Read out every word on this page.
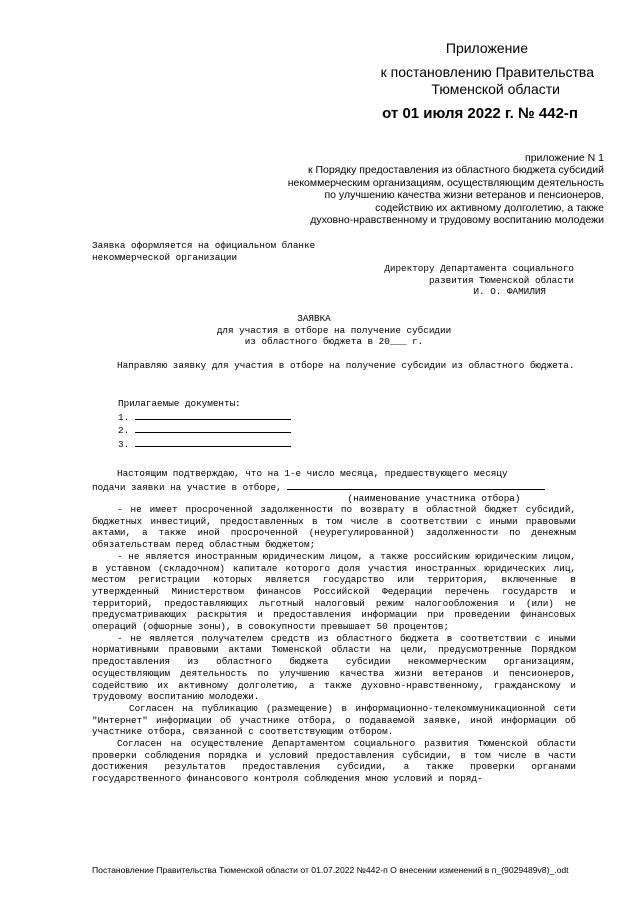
Приложение
к постановлению Правительства
Тюменской области
от 01 июля 2022 г. № 442-п
приложение N 1
к Порядку предоставления из областного бюджета субсидий
некоммерческим организациям, осуществляющим деятельность
по улучшению качества жизни ветеранов и пенсионеров,
содействию их активному долголетию, а также
духовно-нравственному и трудовому воспитанию молодежи
Заявка оформляется на официальном бланке
некоммерческой организации
Директору Департамента социального
развития Тюменской области
И. О. ФАМИЛИЯ
ЗАЯВКА
для участия в отборе на получение субсидии
из областного бюджета в 20___ г.
Направляю заявку для участия в отборе на получение субсидии из областного бюджета.
Прилагаемые документы:
1.
2.
3.
Настоящим подтверждаю, что на 1-е число месяца, предшествующего месяцу
подачи заявки на участие в отборе,
(наименование участника отбора)
- не имеет просроченной задолженности по возврату в областной бюджет субсидий, бюджетных инвестиций, предоставленных в том числе в соответствии с иными правовыми актами, а также иной просроченной (неурегулированной) задолженности по денежным обязательствам перед областным бюджетом;
- не является иностранным юридическим лицом, а также российским юридическим лицом, в уставном (складочном) капитале которого доля участия иностранных юридических лиц, местом регистрации которых является государство или территория, включенные в утвержденный Министерством финансов Российской Федерации перечень государств и территорий, предоставляющих льготный налоговый режим налогообложения и (или) не предусматривающих раскрытия и предоставления информации при проведении финансовых операций (офшорные зоны), в совокупности превышает 50 процентов;
- не является получателем средств из областного бюджета в соответствии с иными нормативными правовыми актами Тюменской области на цели, предусмотренные Порядком предоставления из областного бюджета субсидии некоммерческим организациям, осуществляющим деятельность по улучшению качества жизни ветеранов и пенсионеров, содействию их активному долголетию, а также духовно-нравственному, гражданскому и трудовому воспитанию молодежи.
Согласен на публикацию (размещение) в информационно-телекоммуникационной сети "Интернет" информации об участнике отбора, о подаваемой заявке, иной информации об участнике отбора, связанной с соответствующим отбором.
Согласен на осуществление Департаментом социального развития Тюменской области проверки соблюдения порядка и условий предоставления субсидии, в том числе в части достижения результатов предоставления субсидии, а также проверки органами государственного финансового контроля соблюдения мною условий и поряд-
Постановление Правительства Тюменской области от 01.07.2022 №442-п О внесении изменений в п_(9029489v8)_.odt
